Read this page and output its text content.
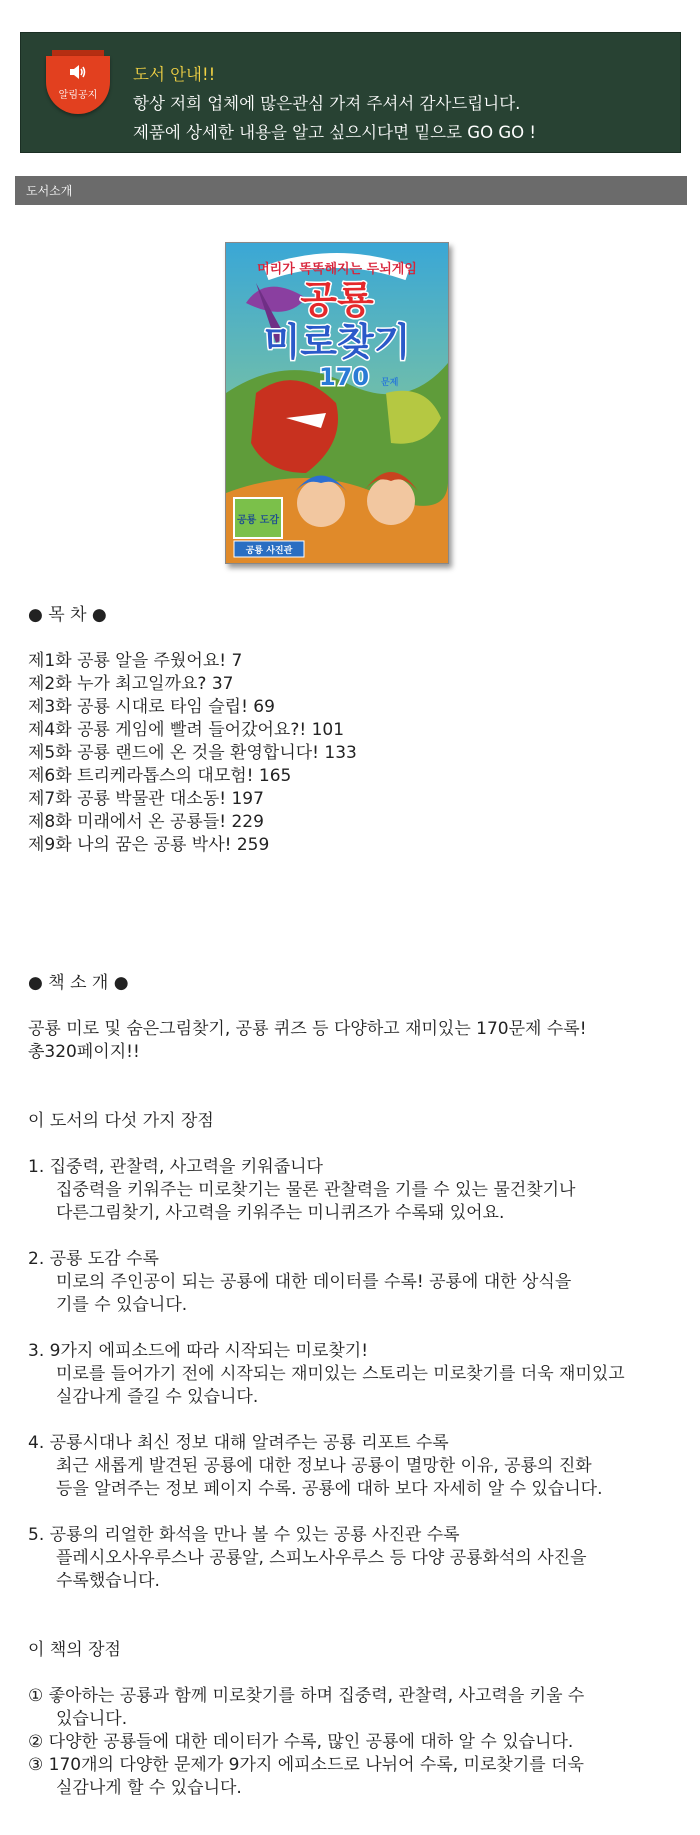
알림공지
도서 안내!!
항상 저희 업체에 많은관심 가져 주셔서 감사드립니다.
제품에 상세한 내용을 알고 싶으시다면 밑으로 GO GO !
도서소개
머리가 똑똑해지는 두뇌게임
공룡
미로찾기
170 문제
공룡 도감
공룡 사진관

● 목 차 ●

제1화 공룡 알을 주웠어요! 7

제2화 누가 최고일까요? 37

제3화 공룡 시대로 타임 슬립! 69

제4화 공룡 게임에 빨려 들어갔어요?! 101

제5화 공룡 랜드에 온 것을 환영합니다! 133

제6화 트리케라톱스의 대모험! 165

제7화 공룡 박물관 대소동! 197

제8화 미래에서 온 공룡들! 229

제9화 나의 꿈은 공룡 박사! 259

● 책 소 개 ●

공룡 미로 및 숨은그림찾기, 공룡 퀴즈 등 다양하고 재미있는 170문제 수록!

총320페이지!!

이 도서의 다섯 가지 장점

1. 집중력, 관찰력, 사고력을 키워줍니다

집중력을 키워주는 미로찾기는 물론 관찰력을 기를 수 있는 물건찾기나

다른그림찾기, 사고력을 키워주는 미니퀴즈가 수록돼 있어요.

2. 공룡 도감 수록

미로의 주인공이 되는 공룡에 대한 데이터를 수록! 공룡에 대한 상식을

기를 수 있습니다.

3. 9가지 에피소드에 따라 시작되는 미로찾기!

미로를 들어가기 전에 시작되는 재미있는 스토리는 미로찾기를 더욱 재미있고

실감나게 즐길 수 있습니다.

4. 공룡시대나 최신 정보 대해 알려주는 공룡 리포트 수록

최근 새롭게 발견된 공룡에 대한 정보나 공룡이 멸망한 이유, 공룡의 진화

등을 알려주는 정보 페이지 수록. 공룡에 대하 보다 자세히 알 수 있습니다.

5. 공룡의 리얼한 화석을 만나 볼 수 있는 공룡 사진관 수록

플레시오사우루스나 공룡알, 스피노사우루스 등 다양 공룡화석의 사진을

수록했습니다.

이 책의 장점

① 좋아하는 공룡과 함께 미로찾기를 하며 집중력, 관찰력, 사고력을 키울 수

있습니다.

② 다양한 공룡들에 대한 데이터가 수록, 많인 공룡에 대하 알 수 있습니다.

③ 170개의 다양한 문제가 9가지 에피소드로 나뉘어 수록, 미로찾기를 더욱

실감나게 할 수 있습니다.
